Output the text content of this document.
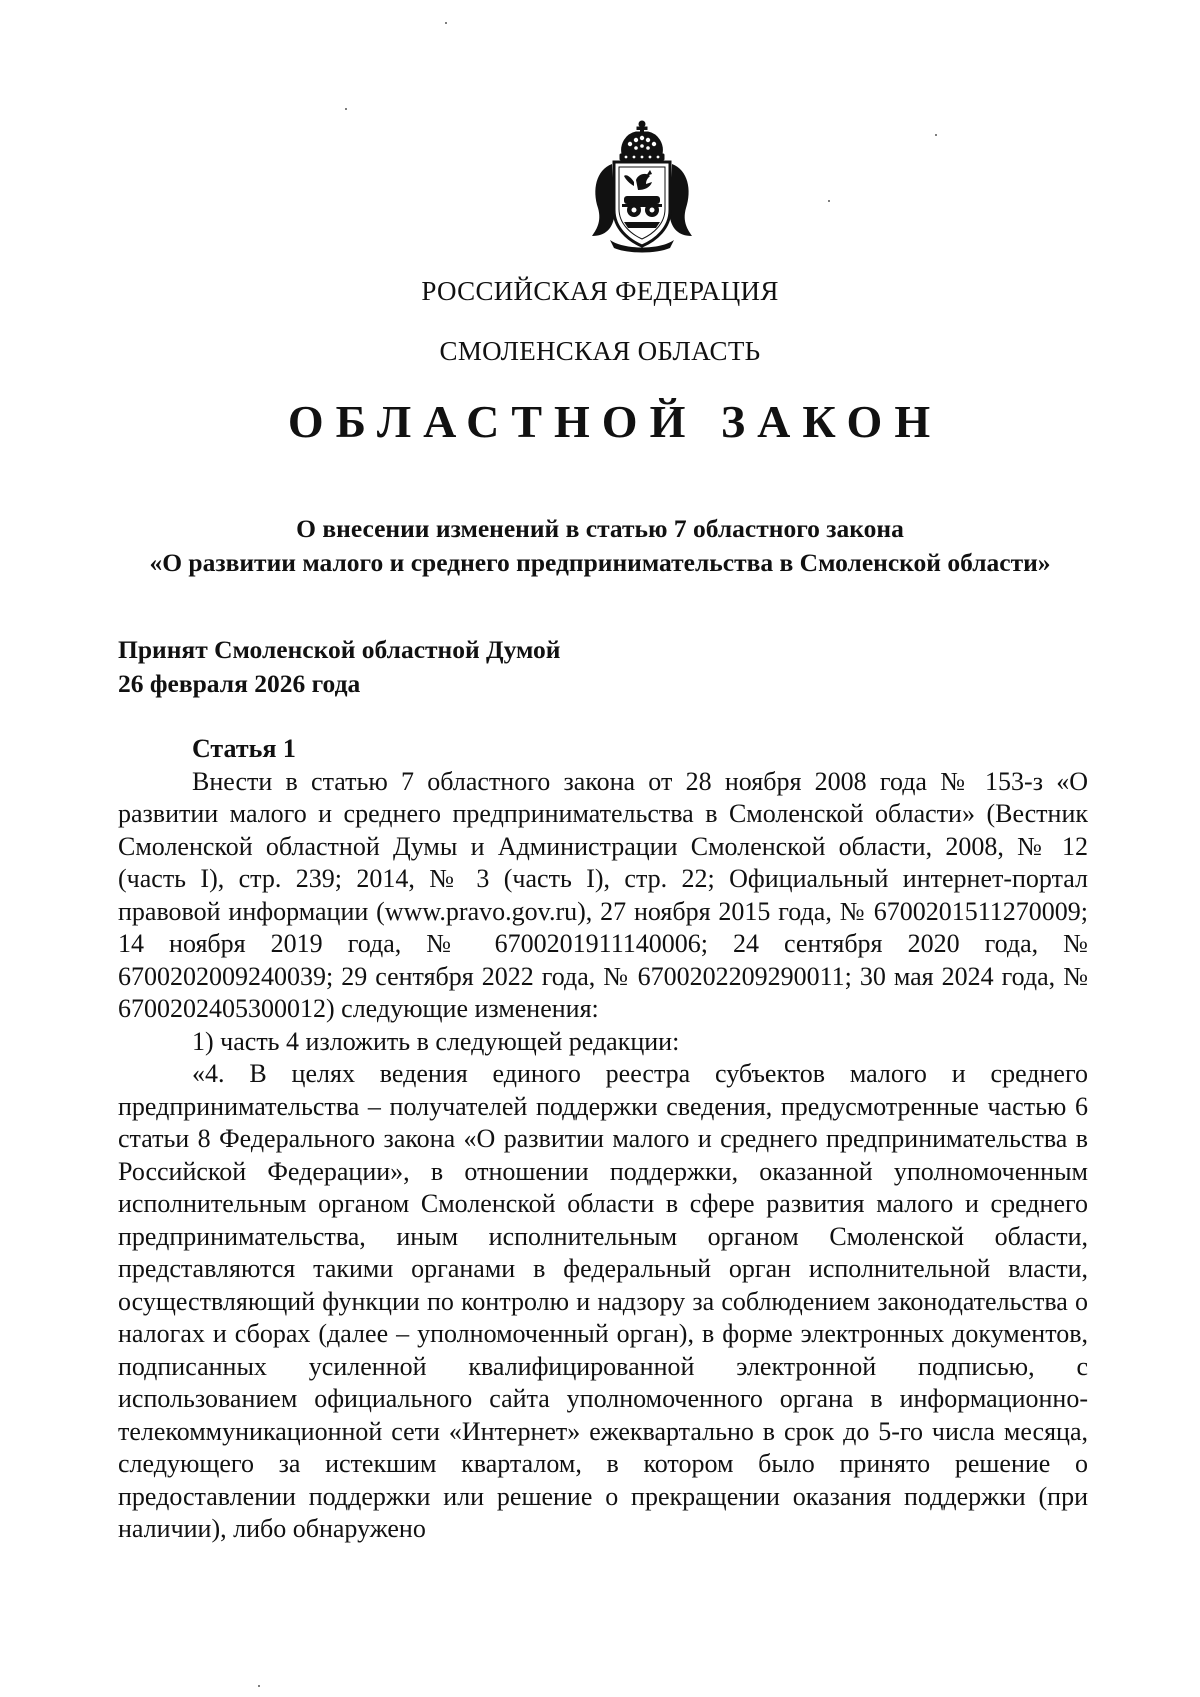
РОССИЙСКАЯ ФЕДЕРАЦИЯ
СМОЛЕНСКАЯ ОБЛАСТЬ
ОБЛАСТНОЙ ЗАКОН
О внесении изменений в статью 7 областного закона
«О развитии малого и среднего предпринимательства в Смоленской области»
Принят Смоленской областной Думой
26 февраля 2026 года
Статья 1

Внести в статью 7 областного закона от 28 ноября 2008 года № 153-з «О развитии малого и среднего предпринимательства в Смоленской области» (Вестник Смоленской областной Думы и Администрации Смоленской области, 2008, № 12 (часть I), стр. 239; 2014, № 3 (часть I), стр. 22; Официальный интернет-портал правовой информации (www.pravo.gov.ru), 27 ноября 2015 года, № 6700201511270009; 14 ноября 2019 года, № 6700201911140006; 24 сентября 2020 года, № 6700202009240039; 29 сентября 2022 года, № 6700202209290011; 30 мая 2024 года, № 6700202405300012) следующие изменения:

1) часть 4 изложить в следующей редакции:

«4. В целях ведения единого реестра субъектов малого и среднего предпринимательства – получателей поддержки сведения, предусмотренные частью 6 статьи 8 Федерального закона «О развитии малого и среднего предпринимательства в Российской Федерации», в отношении поддержки, оказанной уполномоченным исполнительным органом Смоленской области в сфере развития малого и среднего предпринимательства, иным исполнительным органом Смоленской области, представляются такими органами в федеральный орган исполнительной власти, осуществляющий функции по контролю и надзору за соблюдением законодательства о налогах и сборах (далее – уполномоченный орган), в форме электронных документов, подписанных усиленной квалифицированной электронной подписью, с использованием официального сайта уполномоченного органа в информационно-телекоммуникационной сети «Интернет» ежеквартально в срок до 5-го числа месяца, следующего за истекшим кварталом, в котором было принято решение о предоставлении поддержки или решение о прекращении оказания поддержки (при наличии), либо обнаружено
